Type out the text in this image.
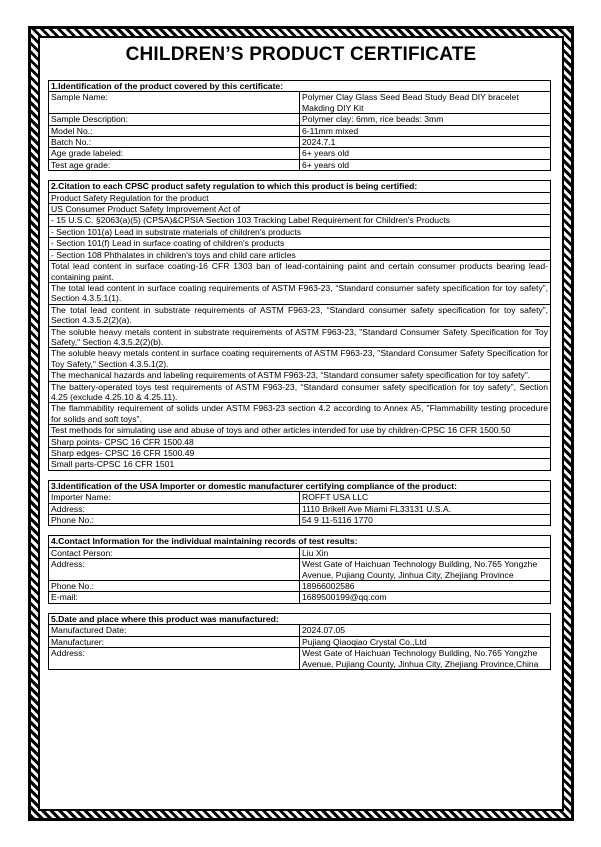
CHILDREN’S PRODUCT CERTIFICATE
1.Identification of the product covered by this certificate:	
Sample Name:	Polymer Clay Glass Seed Bead Study Bead DIY bracelet Makding DIY Kit
Sample Description:	Polymer clay: 6mm, rice beads: 3mm
Model No.:	6-11mm mixed
Batch No.:	2024.7.1
Age grade labeled:	6+ years old
Test age grade:	6+ years old
2.Citation to each CPSC product safety regulation to which this product is being certified:
Product Safety Regulation for the product
US Consumer Product Safety Improvement Act of
- 15 U.S.C. §2063(a)(5) (CPSA)&CPSIA Section 103 Tracking Label Requirement for Children's Products
- Section 101(a) Lead in substrate materials of children's products
- Section 101(f) Lead in surface coating of children's products
- Section 108 Phthalates in children's toys and child care articles
Total lead content in surface coating-16 CFR 1303 ban of lead-containing paint and certain consumer products bearing lead-containing paint.
The total lead content in surface coating requirements of ASTM F963-23, “Standard consumer safety specification for toy safety”, Section 4.3.5.1(1).
The total lead content in substrate requirements of ASTM F963-23, “Standard consumer safety specification for toy safety”, Section 4.3.5.2(2)(a).
The soluble heavy metals content in substrate requirements of ASTM F963-23, "Standard Consumer Safety Specification for Toy Safety," Section 4.3.5.2(2)(b).
The soluble heavy metals content in surface coating requirements of ASTM F963-23, "Standard Consumer Safety Specification for Toy Safety," Section 4.3.5.1(2).
The mechanical hazards and labeling requirements of ASTM F963-23, “Standard consumer safety specification for toy safety”.
The battery-operated toys test requirements of ASTM F963-23, “Standard consumer safety specification for toy safety”, Section 4.25 (exclude 4.25.10 & 4.25.11).
The flammability requirement of solids under ASTM F963-23 section 4.2 according to Annex A5, "Flammability testing procedure for solids and soft toys".
Test methods for simulating use and abuse of toys and other articles intended for use by children-CPSC 16 CFR 1500.50
Sharp points- CPSC 16 CFR 1500.48
Sharp edges- CPSC 16 CFR 1500.49
Small parts-CPSC 16 CFR 1501
3.Identification of the USA Importer or domestic manufacturer certifying compliance of the product:	
Importer Name:	ROFFT USA LLC
Address:	1110 Brikell Ave Miami FL33131 U.S.A.
Phone No.:	54 9 11-5116 1770
4.Contact Information for the individual maintaining records of test results:	
Contact Person:	Liu Xin
Address:	West Gate of Haichuan Technology Building, No.765 Yongzhe Avenue, Pujiang County, Jinhua City, Zhejiang Province
Phone No.:	18966002586
E-mail:	1689500199@qq.com
5.Date and place where this product was manufactured:	
Manufactured Date:	2024.07.05
Manufacturer:	Pujiang Qiaoqiao Crystal Co.,Ltd
Address:	West Gate of Haichuan Technology Building, No.765 Yongzhe Avenue, Pujiang County, Jinhua City, Zhejiang Province,China
